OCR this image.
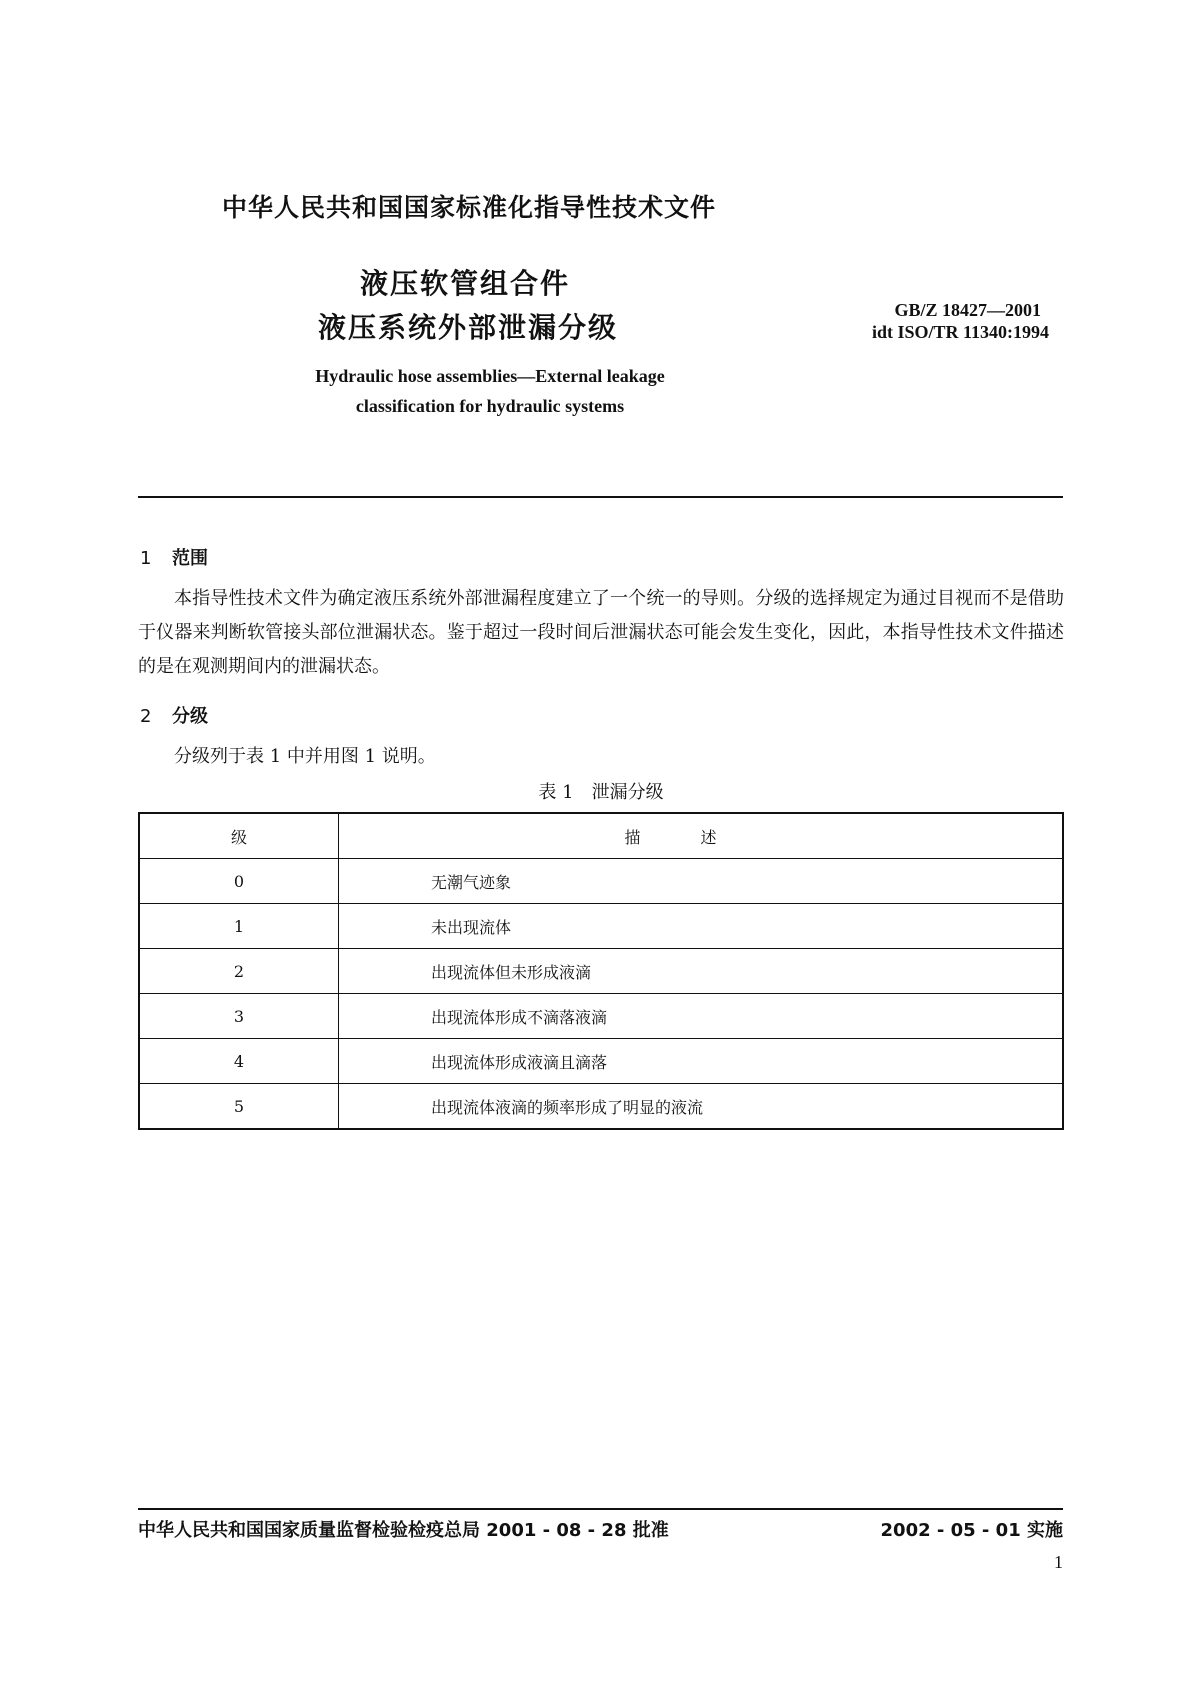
中华人民共和国国家标准化指导性技术文件
液压软管组合件
液压系统外部泄漏分级
GB/Z 18427—2001
idt ISO/TR 11340:1994
Hydraulic hose assemblies—External leakage
classification for hydraulic systems
1 范围

本指导性技术文件为确定液压系统外部泄漏程度建立了一个统一的导则。分级的选择规定为通过目视而不是借助于仪器来判断软管接头部位泄漏状态。鉴于超过一段时间后泄漏状态可能会发生变化，因此，本指导性技术文件描述的是在观测期间内的泄漏状态。

2 分级

分级列于表 1 中并用图 1 说明。

表 1　泄漏分级
级	描述
0	无潮气迹象
1	未出现流体
2	出现流体但未形成液滴
3	出现流体形成不滴落液滴
4	出现流体形成液滴且滴落
5	出现流体液滴的频率形成了明显的液流
中华人民共和国国家质量监督检验检疫总局 2001 - 08 - 28 批准	2002 - 05 - 01 实施
1
